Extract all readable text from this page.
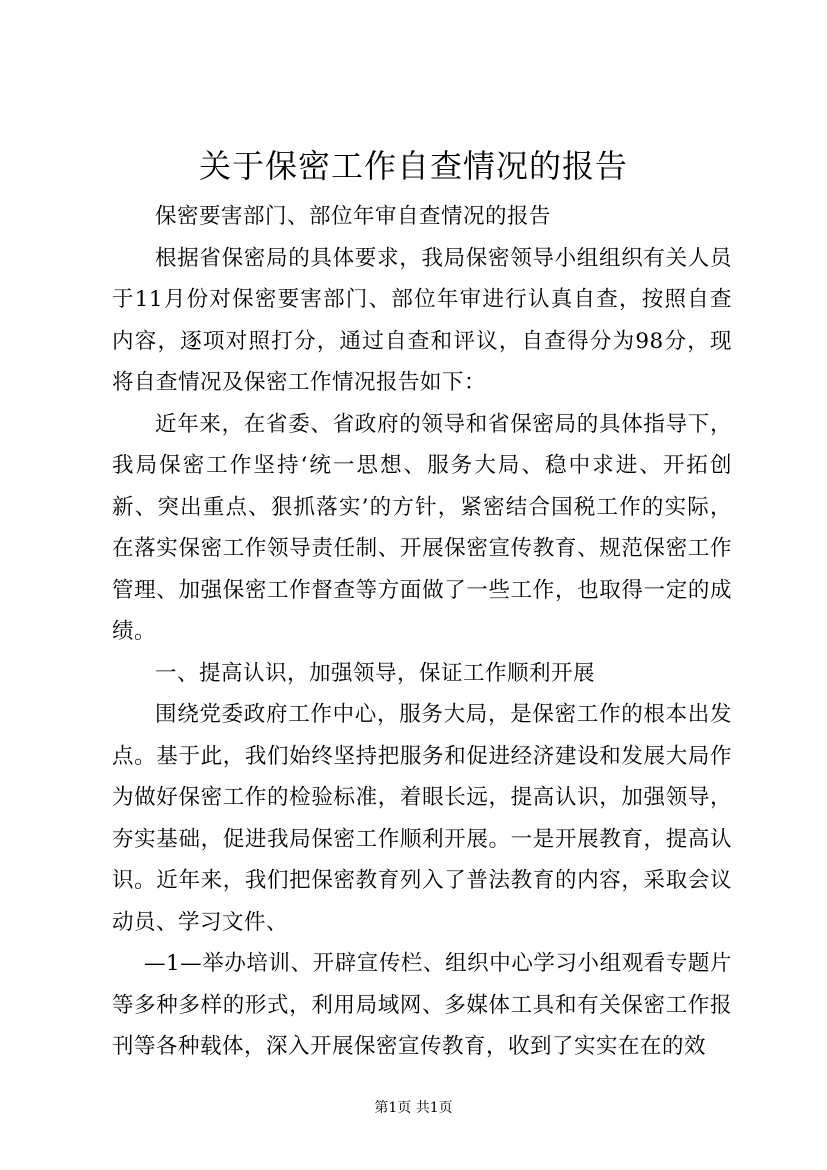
关于保密工作自查情况的报告

保密要害部门、部位年审自查情况的报告

根据省保密局的具体要求，我局保密领导小组组织有关人员于11月份对保密要害部门、部位年审进行认真自查，按照自查内容，逐项对照打分，通过自查和评议，自查得分为98分，现将自查情况及保密工作情况报告如下：

近年来，在省委、省政府的领导和省保密局的具体指导下，我局保密工作坚持‘统一思想、服务大局、稳中求进、开拓创新、突出重点、狠抓落实’的方针，紧密结合国税工作的实际，在落实保密工作领导责任制、开展保密宣传教育、规范保密工作管理、加强保密工作督查等方面做了一些工作，也取得一定的成绩。

一、提高认识，加强领导，保证工作顺利开展

围绕党委政府工作中心，服务大局，是保密工作的根本出发点。基于此，我们始终坚持把服务和促进经济建设和发展大局作为做好保密工作的检验标准，着眼长远，提高认识，加强领导，夯实基础，促进我局保密工作顺利开展。一是开展教育，提高认识。近年来，我们把保密教育列入了普法教育的内容，采取会议动员、学习文件、

—1—举办培训、开辟宣传栏、组织中心学习小组观看专题片等多种多样的形式，利用局域网、多媒体工具和有关保密工作报刊等各种载体，深入开展保密宣传教育，收到了实实在在的效

第1页 共1页
